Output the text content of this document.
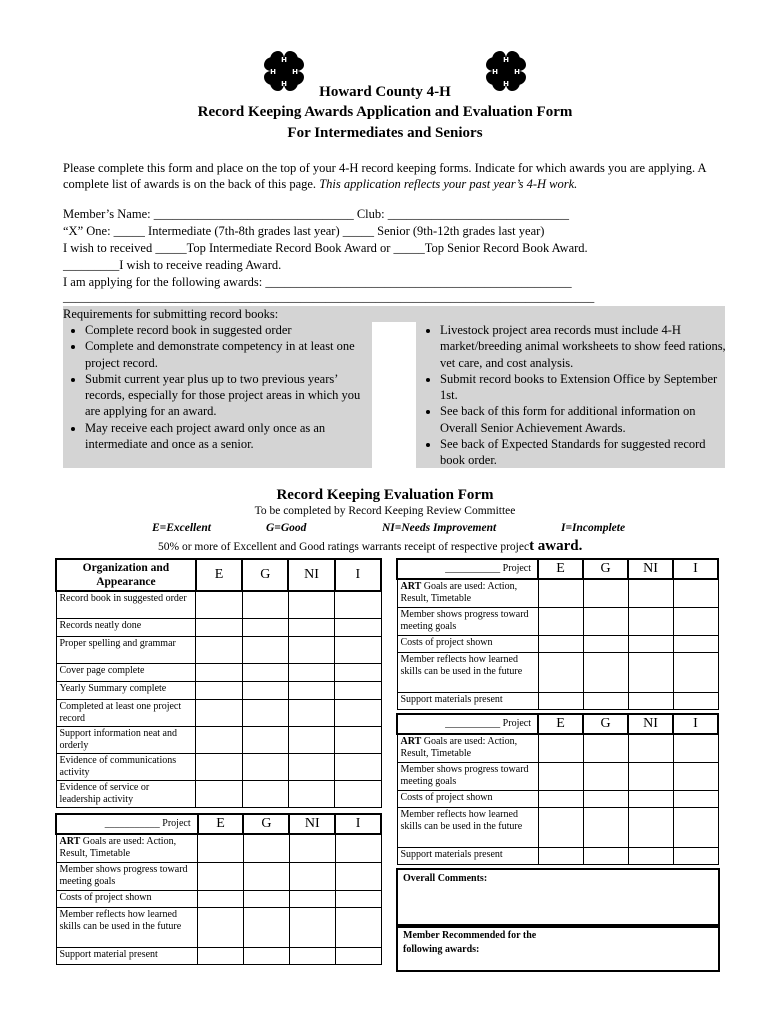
H
H
H
H
H
H
H
H
Howard County 4-H
Record Keeping Awards Application and Evaluation Form
For Intermediates and Seniors
Please complete this form and place on the top of your 4-H record keeping forms. Indicate for which awards you are applying. A complete list of awards is on the back of this page. This application reflects your past year’s 4-H work.
Member’s Name: ________________________________ Club: _____________________________
“X” One: _____ Intermediate (7th-8th grades last year) _____ Senior (9th-12th grades last year)
I wish to received _____Top Intermediate Record Book Award or _____Top Senior Record Book Award.
_________I wish to receive reading Award.
I am applying for the following awards: _________________________________________________
_____________________________________________________________________________________
Requirements for submitting record books:
• Complete record book in suggested order
• Complete and demonstrate competency in at least one project record.
• Submit current year plus up to two previous years’ records, especially for those project areas in which you are applying for an award.
• May receive each project award only once as an intermediate and once as a senior.
• Livestock project area records must include 4-H market/breeding animal worksheets to show feed rations, vet care, and cost analysis.
• Submit record books to Extension Office by September 1st.
• See back of this form for additional information on Overall Senior Achievement Awards.
• See back of Expected Standards for suggested record book order.
Record Keeping Evaluation Form
To be completed by Record Keeping Review Committee
E=Excellent	G=Good	NI=Needs Improvement	I=Incomplete
50% or more of Excellent and Good ratings warrants receipt of respective project award.
Organization and Appearance	E	G	NI	I
Record book in suggested order				
Records neatly done				
Proper spelling and grammar				
Cover page complete				
Yearly Summary complete				
Completed at least one project record				
Support information neat and orderly				
Evidence of communications activity				
Evidence of service or leadership activity				
___________ Project	E	G	NI	I
ART Goals are used: Action, Result, Timetable				
Member shows progress toward meeting goals				
Costs of project shown				
Member reflects how learned skills can be used in the future				
Support material present				
___________ Project	E	G	NI	I
ART Goals are used: Action, Result, Timetable				
Member shows progress toward meeting goals				
Costs of project shown				
Member reflects how learned skills can be used in the future				
Support materials present				
___________ Project	E	G	NI	I
ART Goals are used: Action, Result, Timetable				
Member shows progress toward meeting goals				
Costs of project shown				
Member reflects how learned skills can be used in the future				
Support materials present				
Overall Comments:
Member Recommended for the following awards:
